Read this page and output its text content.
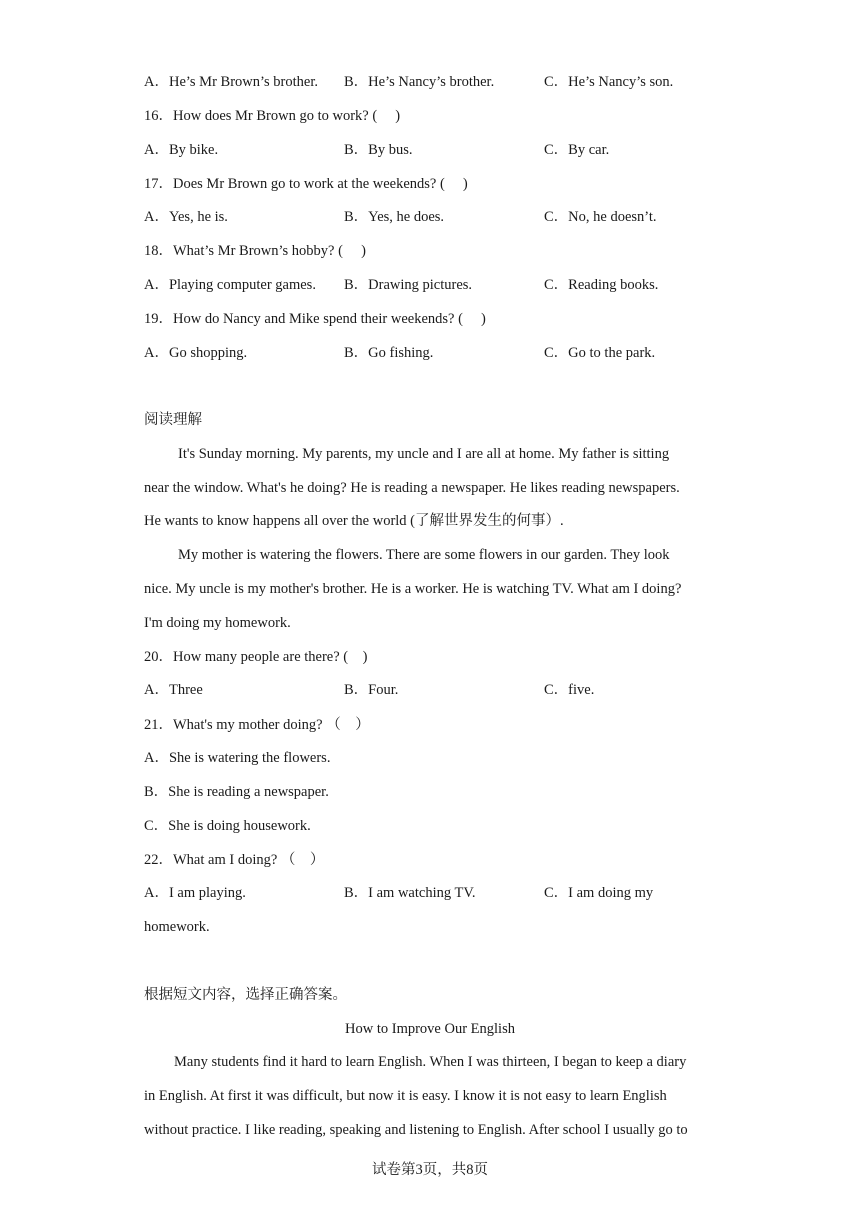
A．He’s Mr Brown’s brother. B．He’s Nancy’s brother.	C．He’s Nancy’s son.
16．How does Mr Brown go to work? (　 )
A．By bike.	B．By bus.	C．By car.
17．Does Mr Brown go to work at the weekends? (　 )
A．Yes, he is.	B．Yes, he does.	C．No, he doesn’t.
18．What’s Mr Brown’s hobby? (　 )
A．Playing computer games. B．Drawing pictures.	C．Reading books.
19．How do Nancy and Mike spend their weekends? (　 )
A．Go shopping.	B．Go fishing.	C．Go to the park.
阅读理解
It's Sunday morning. My parents, my uncle and I are all at home. My father is sitting
near the window. What's he doing? He is reading a newspaper. He likes reading newspapers.
He wants to know happens all over the world (了解世界发生的何事）.
My mother is watering the flowers. There are some flowers in our garden. They look
nice. My uncle is my mother's brother. He is a worker. He is watching TV. What am I doing?
I'm doing my homework.
20．How many people are there? (　)
A．Three	B．Four.	C．five.
21．What's my mother doing? （　）
A．She is watering the flowers.
B．She is reading a newspaper.
C．She is doing housework.
22．What am I doing? （　）
A．I am playing.	B．I am watching TV.	C．I am doing my
homework.
根据短文内容，选择正确答案。
How to Improve Our English
Many students find it hard to learn English. When I was thirteen, I began to keep a diary
in English. At first it was difficult, but now it is easy. I know it is not easy to learn English
without practice. I like reading, speaking and listening to English. After school I usually go to
试卷第3页，共8页
